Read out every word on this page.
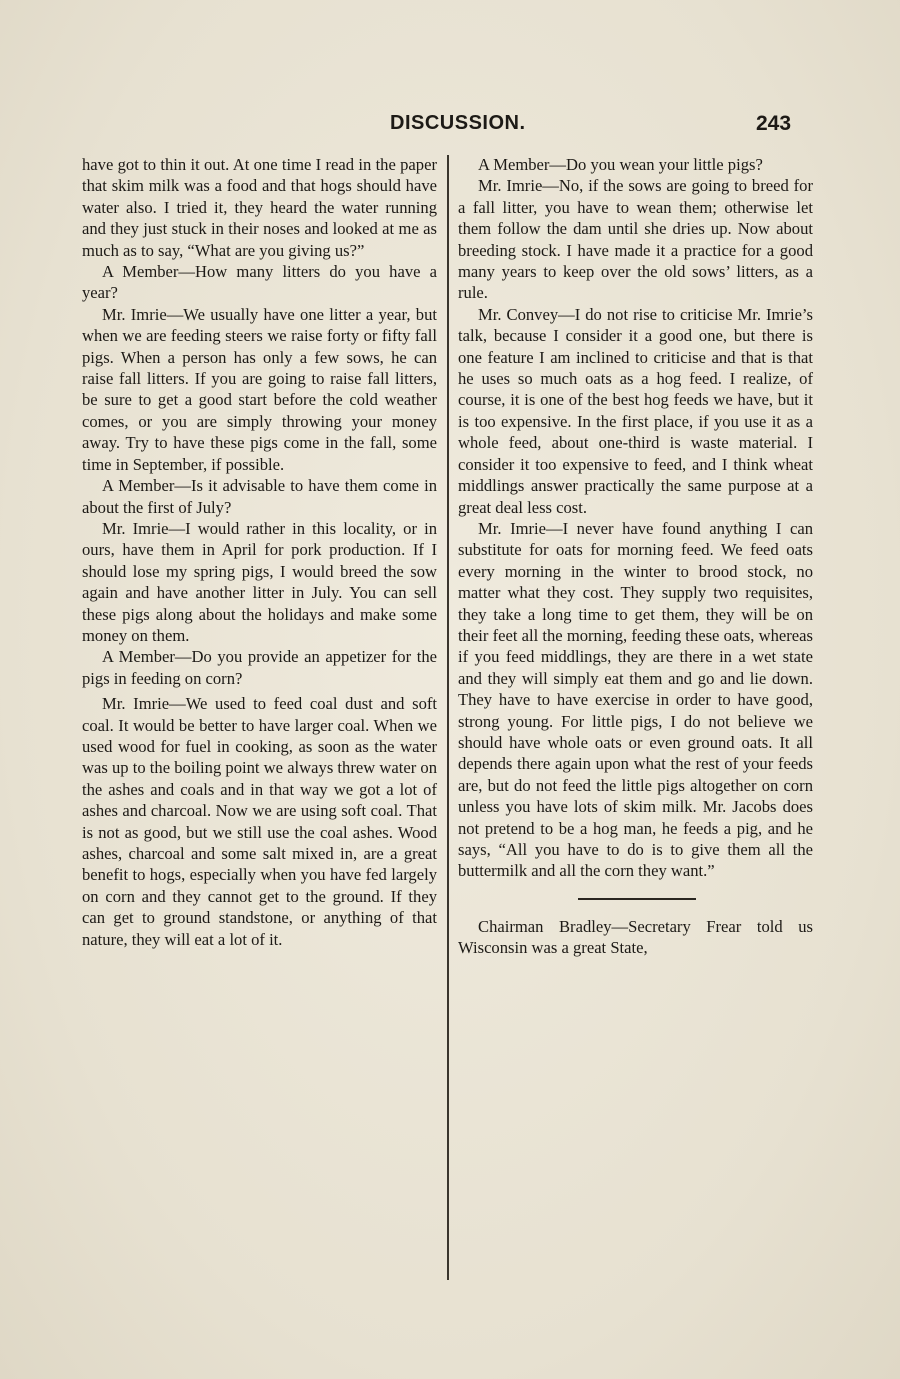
DISCUSSION.	243

have got to thin it out. At one time I read in the paper that skim milk was a food and that hogs should have water also. I tried it, they heard the water running and they just stuck in their noses and looked at me as much as to say, “What are you giving us?”

A Member—How many litters do you have a year?

Mr. Imrie—We usually have one litter a year, but when we are feeding steers we raise forty or fifty fall pigs. When a person has only a few sows, he can raise fall litters. If you are going to raise fall litters, be sure to get a good start before the cold weather comes, or you are simply throwing your money away. Try to have these pigs come in the fall, some time in September, if possible.

A Member—Is it advisable to have them come in about the first of July?

Mr. Imrie—I would rather in this locality, or in ours, have them in April for pork production. If I should lose my spring pigs, I would breed the sow again and have another litter in July. You can sell these pigs along about the holidays and make some money on them.

A Member—Do you provide an appetizer for the pigs in feeding on corn?

Mr. Imrie—We used to feed coal dust and soft coal. It would be better to have larger coal. When we used wood for fuel in cooking, as soon as the water was up to the boiling point we always threw water on the ashes and coals and in that way we got a lot of ashes and charcoal. Now we are using soft coal. That is not as good, but we still use the coal ashes. Wood ashes, charcoal and some salt mixed in, are a great benefit to hogs, especially when you have fed largely on corn and they cannot get to the ground. If they can get to ground standstone, or anything of that nature, they will eat a lot of it.

A Member—Do you wean your little pigs?

Mr. Imrie—No, if the sows are going to breed for a fall litter, you have to wean them; otherwise let them follow the dam until she dries up. Now about breeding stock. I have made it a practice for a good many years to keep over the old sows’ litters, as a rule.

Mr. Convey—I do not rise to criticise Mr. Imrie’s talk, because I consider it a good one, but there is one feature I am inclined to criticise and that is that he uses so much oats as a hog feed. I realize, of course, it is one of the best hog feeds we have, but it is too expensive. In the first place, if you use it as a whole feed, about one-third is waste material. I consider it too expensive to feed, and I think wheat middlings answer practically the same purpose at a great deal less cost.

Mr. Imrie—I never have found anything I can substitute for oats for morning feed. We feed oats every morning in the winter to brood stock, no matter what they cost. They supply two requisites, they take a long time to get them, they will be on their feet all the morning, feeding these oats, whereas if you feed middlings, they are there in a wet state and they will simply eat them and go and lie down. They have to have exercise in order to have good, strong young. For little pigs, I do not believe we should have whole oats or even ground oats. It all depends there again upon what the rest of your feeds are, but do not feed the little pigs altogether on corn unless you have lots of skim milk. Mr. Jacobs does not pretend to be a hog man, he feeds a pig, and he says, “All you have to do is to give them all the buttermilk and all the corn they want.”

Chairman Bradley—Secretary Frear told us Wisconsin was a great State,
